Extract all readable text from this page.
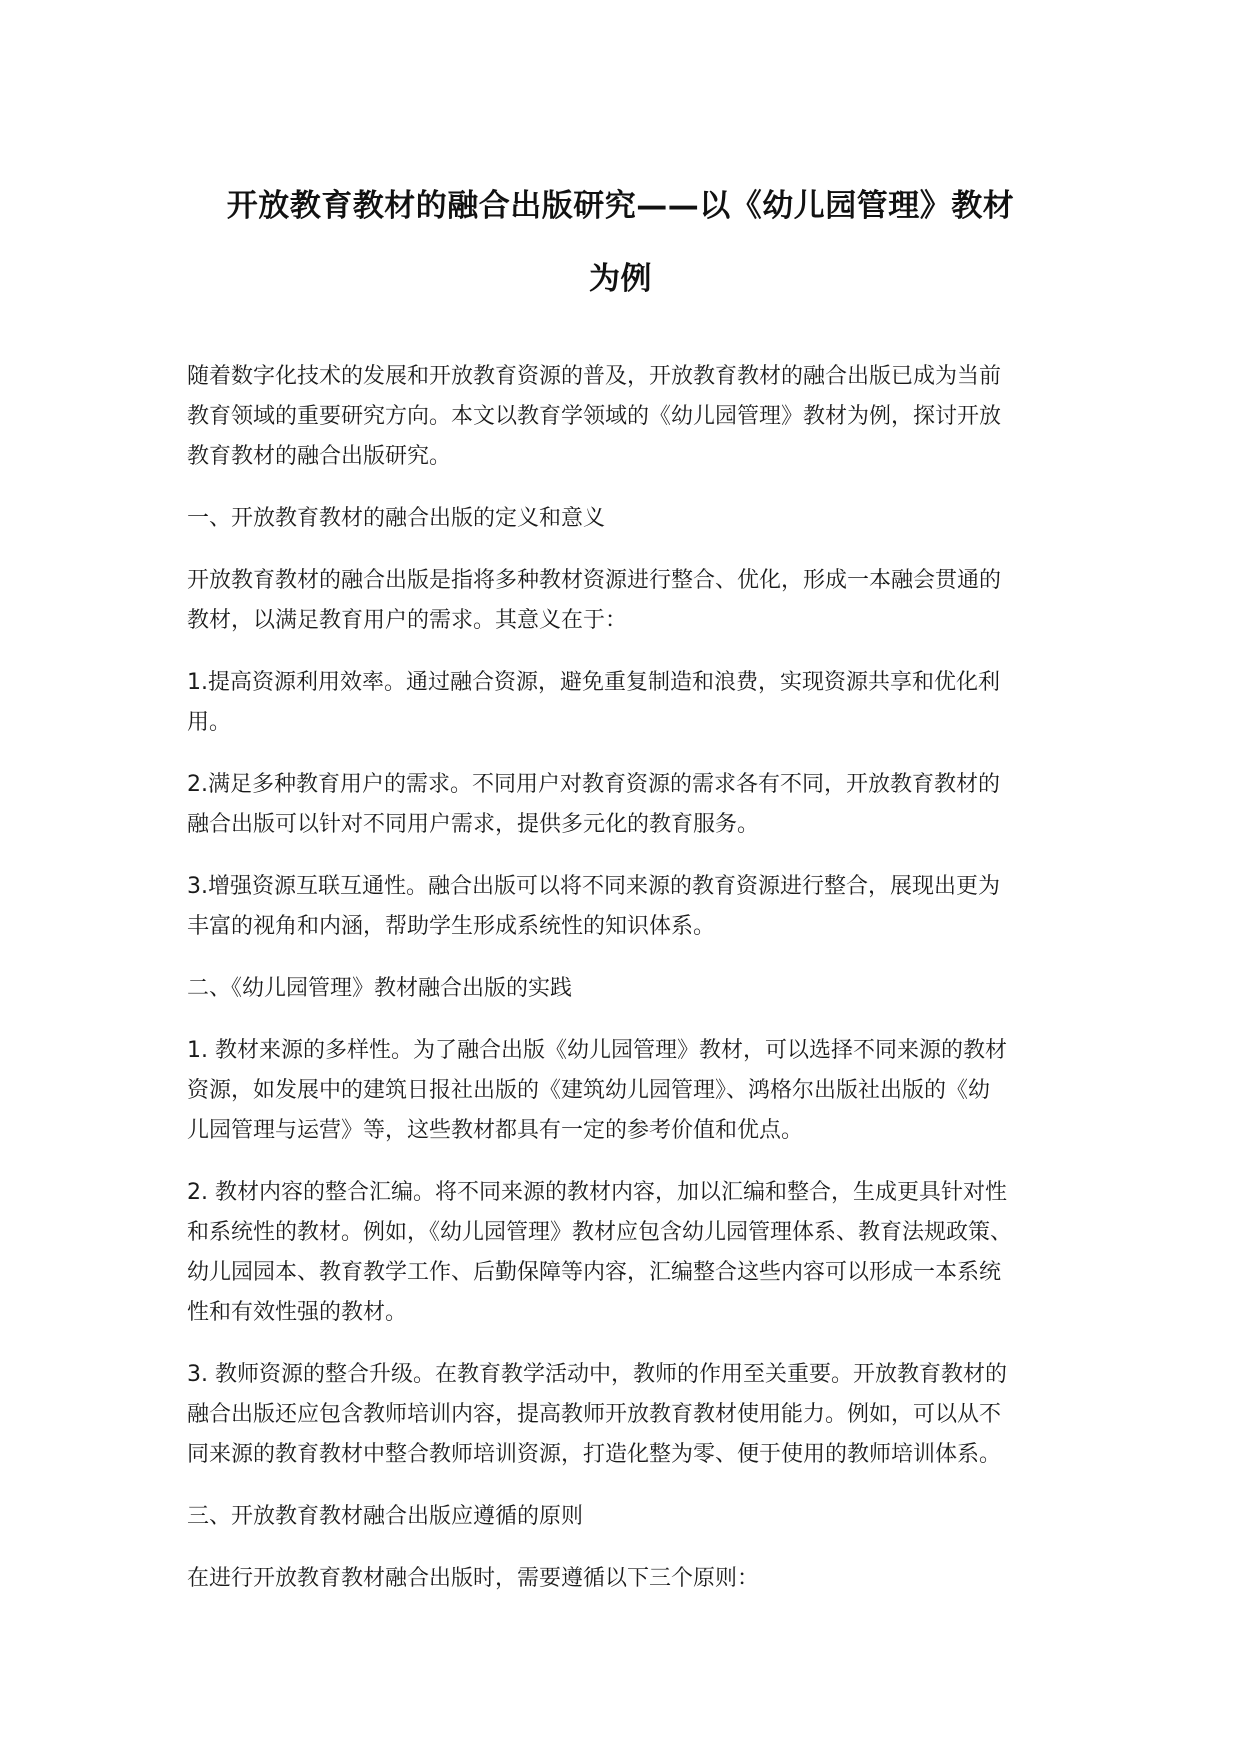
开放教育教材的融合出版研究——以《幼儿园管理》教材
为例
随着数字化技术的发展和开放教育资源的普及，开放教育教材的融合出版已成为当前
教育领域的重要研究方向。本文以教育学领域的《幼儿园管理》教材为例，探讨开放
教育教材的融合出版研究。
一、开放教育教材的融合出版的定义和意义
开放教育教材的融合出版是指将多种教材资源进行整合、优化，形成一本融会贯通的
教材，以满足教育用户的需求。其意义在于：
1.提高资源利用效率。通过融合资源，避免重复制造和浪费，实现资源共享和优化利
用。
2.满足多种教育用户的需求。不同用户对教育资源的需求各有不同，开放教育教材的
融合出版可以针对不同用户需求，提供多元化的教育服务。
3.增强资源互联互通性。融合出版可以将不同来源的教育资源进行整合，展现出更为
丰富的视角和内涵，帮助学生形成系统性的知识体系。
二、《幼儿园管理》教材融合出版的实践
1. 教材来源的多样性。为了融合出版《幼儿园管理》教材，可以选择不同来源的教材
资源，如发展中的建筑日报社出版的《建筑幼儿园管理》、鸿格尔出版社出版的《幼
儿园管理与运营》等，这些教材都具有一定的参考价值和优点。
2. 教材内容的整合汇编。将不同来源的教材内容，加以汇编和整合，生成更具针对性
和系统性的教材。例如，《幼儿园管理》教材应包含幼儿园管理体系、教育法规政策、
幼儿园园本、教育教学工作、后勤保障等内容，汇编整合这些内容可以形成一本系统
性和有效性强的教材。
3. 教师资源的整合升级。在教育教学活动中，教师的作用至关重要。开放教育教材的
融合出版还应包含教师培训内容，提高教师开放教育教材使用能力。例如，可以从不
同来源的教育教材中整合教师培训资源，打造化整为零、便于使用的教师培训体系。
三、开放教育教材融合出版应遵循的原则
在进行开放教育教材融合出版时，需要遵循以下三个原则：
